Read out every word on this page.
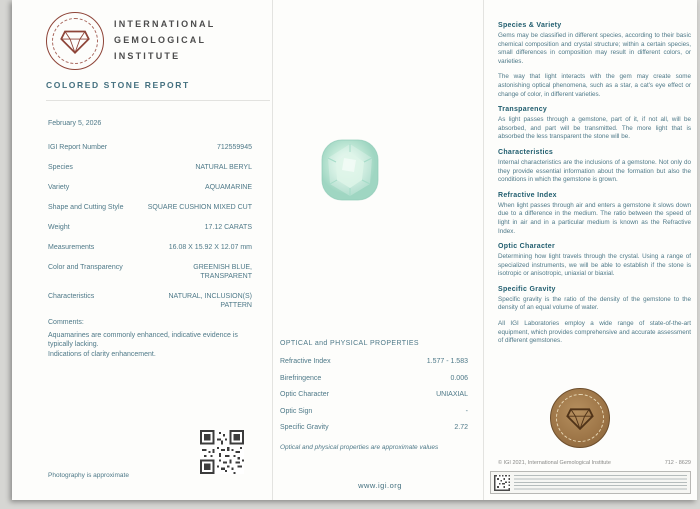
INTERNATIONAL
GEMOLOGICAL
INSTITUTE
COLORED STONE REPORT
February 5, 2026
IGI Report Number	712559945
Species	NATURAL BERYL
Variety	AQUAMARINE
Shape and Cutting Style	SQUARE CUSHION MIXED CUT
Weight	17.12 CARATS
Measurements	16.08 X 15.92 X 12.07 mm
Color and Transparency	GREENISH BLUE,
TRANSPARENT
Characteristics	NATURAL, INCLUSION(S)
PATTERN
Comments:
Aquamarines are commonly enhanced, indicative evidence is typically lacking.
Indications of clarity enhancement.
Photography is approximate
OPTICAL and PHYSICAL PROPERTIES
Refractive Index	1.577 - 1.583
Birefringence	0.006
Optic Character	UNIAXIAL
Optic Sign	-
Specific Gravity	2.72
Optical and physical properties are approximate values
www.igi.org
Species & Variety

Gems may be classified in different species, according to their basic chemical composition and crystal structure; within a certain species, small differences in composition may result in different colors, or varieties.

The way that light interacts with the gem may create some astonishing optical phenomena, such as a star, a cat's eye effect or change of color, in different varieties.

Transparency

As light passes through a gemstone, part of it, if not all, will be absorbed, and part will be transmitted. The more light that is absorbed the less transparent the stone will be.

Characteristics

Internal characteristics are the inclusions of a gemstone. Not only do they provide essential information about the formation but also the conditions in which the gemstone is grown.

Refractive Index

When light passes through air and enters a gemstone it slows down due to a difference in the medium. The ratio between the speed of light in air and in a particular medium is known as the Refractive Index.

Optic Character

Determining how light travels through the crystal. Using a range of specialized instruments, we will be able to establish if the stone is isotropic or anisotropic, uniaxial or biaxial.

Specific Gravity

Specific gravity is the ratio of the density of the gemstone to the density of an equal volume of water.

All IGI Laboratories employ a wide range of state-of-the-art equipment, which provides comprehensive and accurate assessment of different gemstones.

© IGI 2021, International Gemological Institute	712 - 8629
